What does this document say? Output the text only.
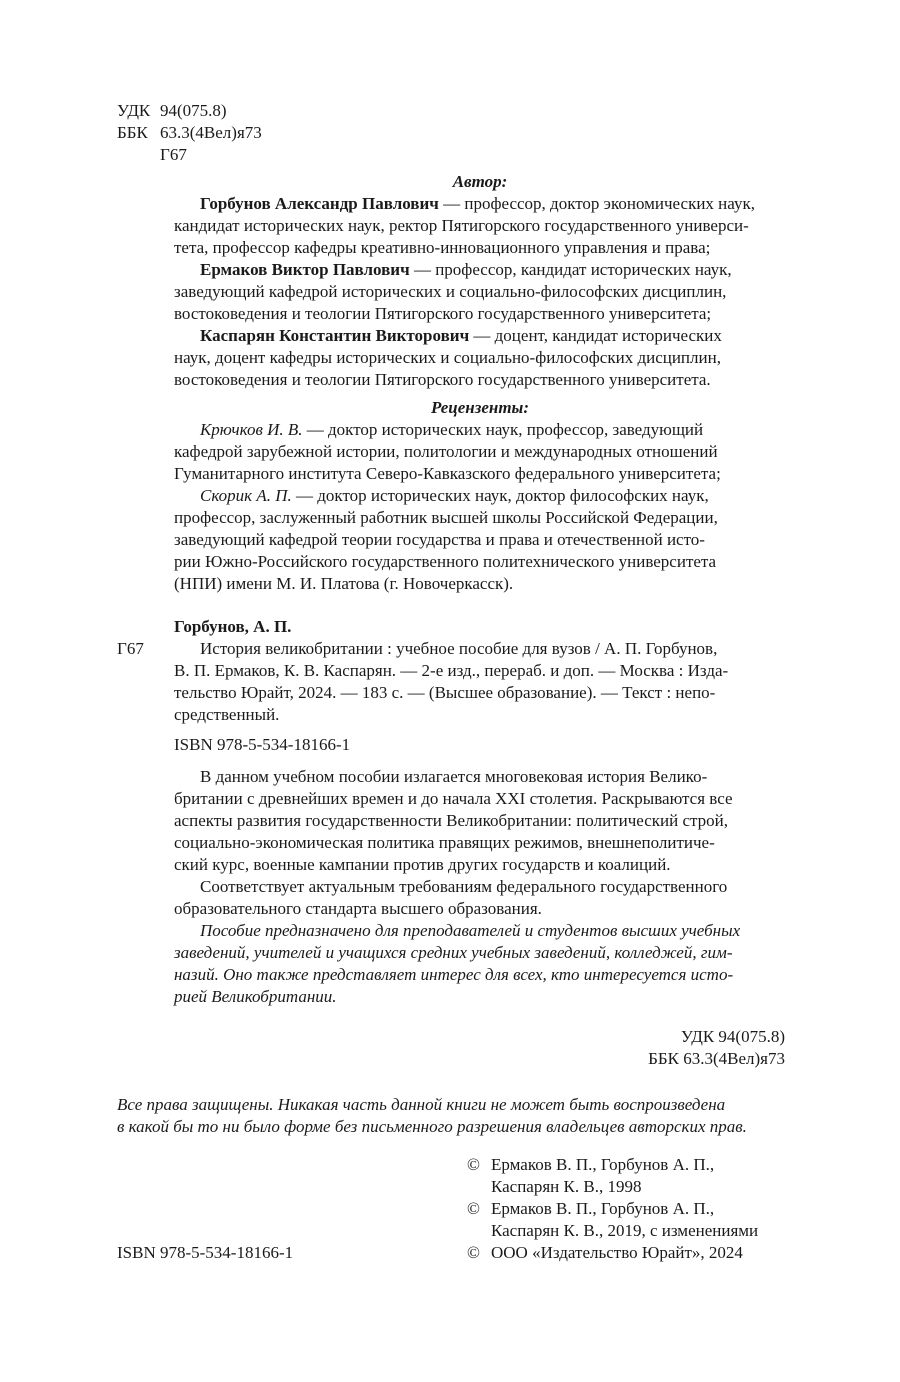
УДК 94(075.8)
ББК 63.3(4Вел)я73
Г67
Автор:
Горбунов Александр Павлович — профессор, доктор экономических наук,
кандидат исторических наук, ректор Пятигорского государственного универси-
тета, профессор кафедры креативно-инновационного управления и права;
Ермаков Виктор Павлович — профессор, кандидат исторических наук,
заведующий кафедрой исторических и социально-философских дисциплин,
востоковедения и теологии Пятигорского государственного университета;
Каспарян Константин Викторович — доцент, кандидат исторических
наук, доцент кафедры исторических и социально-философских дисциплин,
востоковедения и теологии Пятигорского государственного университета.
Рецензенты:
Крючков И. В. — доктор исторических наук, профессор, заведующий
кафедрой зарубежной истории, политологии и международных отношений
Гуманитарного института Северо-Кавказского федерального университета;
Скорик А. П. — доктор исторических наук, доктор философских наук,
профессор, заслуженный работник высшей школы Российской Федерации,
заведующий кафедрой теории государства и права и отечественной исто-
рии Южно-Российского государственного политехнического университета
(НПИ) имени М. И. Платова (г. Новочеркасск).
Горбунов, А. П.
Г67	История великобритании : учебное пособие для вузов / А. П. Горбунов,
В. П. Ермаков, К. В. Каспарян. — 2-е изд., перераб. и доп. — Москва : Изда-
тельство Юрайт, 2024. — 183 с. — (Высшее образование). — Текст : непо-
средственный.
ISBN 978-5-534-18166-1
В данном учебном пособии излагается многовековая история Велико-
британии с древнейших времен и до начала XXI столетия. Раскрываются все
аспекты развития государственности Великобритании: политический строй,
социально-экономическая политика правящих режимов, внешнеполитиче-
ский курс, военные кампании против других государств и коалиций.
Соответствует актуальным требованиям федерального государственного
образовательного стандарта высшего образования.
Пособие предназначено для преподавателей и студентов высших учебных
заведений, учителей и учащихся средних учебных заведений, колледжей, гим-
назий. Оно также представляет интерес для всех, кто интересуется исто-
рией Великобритании.
УДК 94(075.8)
ББК 63.3(4Вел)я73
Все права защищены. Никакая часть данной книги не может быть воспроизведена
в какой бы то ни было форме без письменного разрешения владельцев авторских прав.
© Ермаков В. П., Горбунов А. П.,
Каспарян К. В., 1998
© Ермаков В. П., Горбунов А. П.,
Каспарян К. В., 2019, с изменениями
ISBN 978-5-534-18166-1	© ООО «Издательство Юрайт», 2024
